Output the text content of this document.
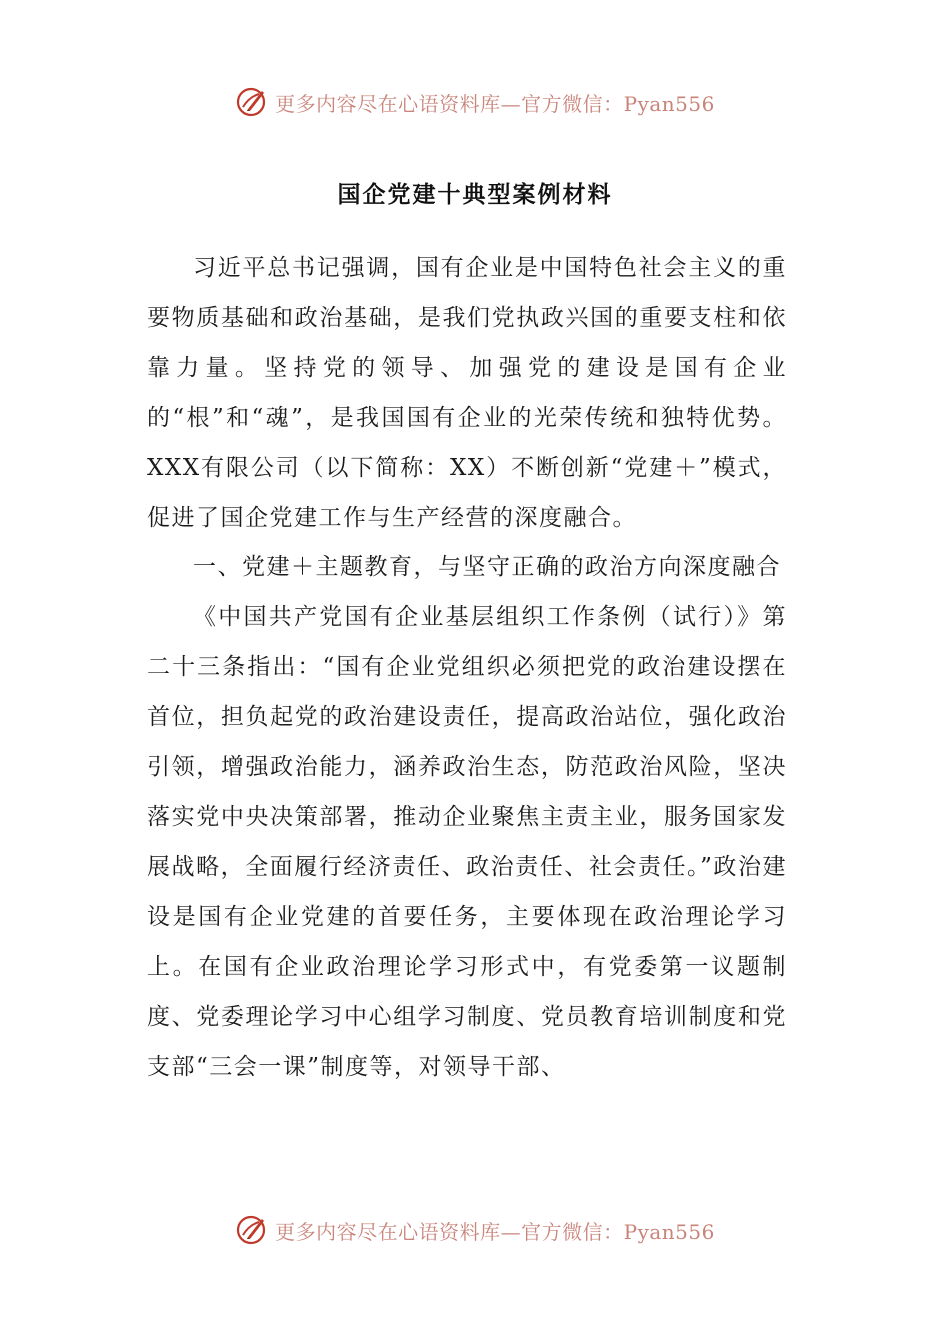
更多内容尽在心语资料库—官方微信：Pyan556
国企党建十典型案例材料

习近平总书记强调，国有企业是中国特色社会主义的重要物质基础和政治基础，是我们党执政兴国的重要支柱和依靠力量。坚持党的领导、加强党的建设是国有企业的“根”和“魂”，是我国国有企业的光荣传统和独特优势。XXX有限公司（以下简称：XX）不断创新“党建＋”模式，促进了国企党建工作与生产经营的深度融合。

一、党建＋主题教育，与坚守正确的政治方向深度融合

《中国共产党国有企业基层组织工作条例（试行）》第二十三条指出：“国有企业党组织必须把党的政治建设摆在首位，担负起党的政治建设责任，提高政治站位，强化政治引领，增强政治能力，涵养政治生态，防范政治风险，坚决落实党中央决策部署，推动企业聚焦主责主业，服务国家发展战略，全面履行经济责任、政治责任、社会责任。”政治建设是国有企业党建的首要任务，主要体现在政治理论学习上。在国有企业政治理论学习形式中，有党委第一议题制度、党委理论学习中心组学习制度、党员教育培训制度和党支部“三会一课”制度等，对领导干部、

更多内容尽在心语资料库—官方微信：Pyan556
